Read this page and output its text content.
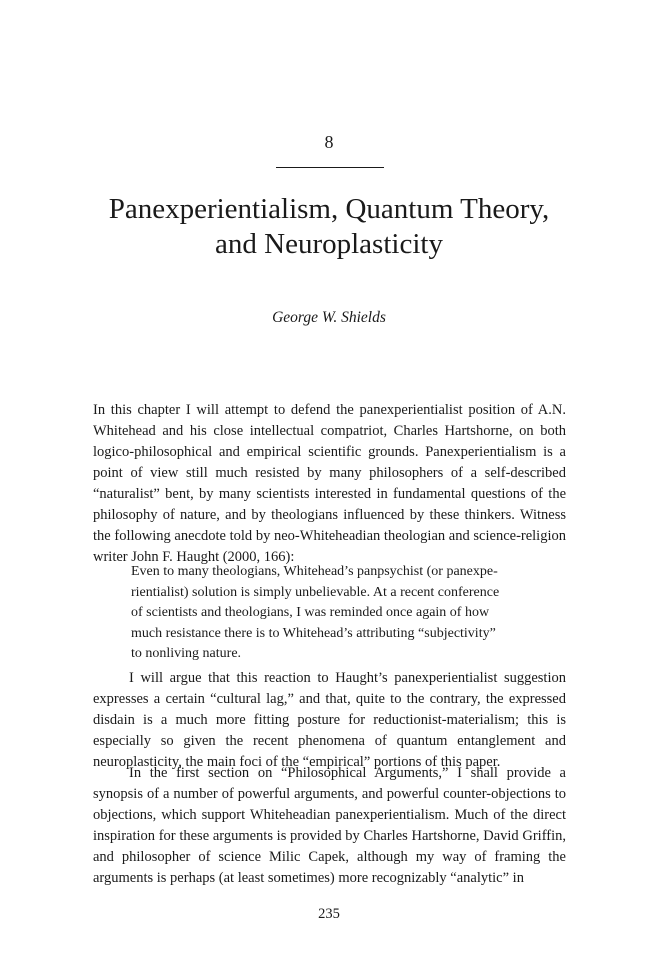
8
Panexperientialism, Quantum Theory,
and Neuroplasticity
George W. Shields

In this chapter I will attempt to defend the panexperientialist position of A.N. Whitehead and his close intellectual compatriot, Charles Hartshorne, on both logico-philosophical and empirical scientific grounds. Panexperientialism is a point of view still much resisted by many philosophers of a self-described “naturalist” bent, by many scientists interested in fundamental questions of the philosophy of nature, and by theologians influenced by these thinkers. Witness the following anecdote told by neo-Whiteheadian theologian and science-religion writer John F. Haught (2000, 166):

Even to many theologians, Whitehead’s panpsychist (or panexpe-
rientialist) solution is simply unbelievable. At a recent conference
of scientists and theologians, I was reminded once again of how
much resistance there is to Whitehead’s attributing “subjectivity”
to nonliving nature.

I will argue that this reaction to Haught’s panexperientialist suggestion expresses a certain “cultural lag,” and that, quite to the contrary, the expressed disdain is a much more fitting posture for reductionist-materialism; this is especially so given the recent phenomena of quantum entanglement and neuroplasticity, the main foci of the “empirical” portions of this paper.

In the first section on “Philosophical Arguments,” I shall provide a synopsis of a number of powerful arguments, and powerful counter-objections to objections, which support Whiteheadian panexperientialism. Much of the direct inspiration for these arguments is provided by Charles Hartshorne, David Griffin, and philosopher of science Milic Capek, although my way of framing the arguments is perhaps (at least sometimes) more recognizably “analytic” in

235
